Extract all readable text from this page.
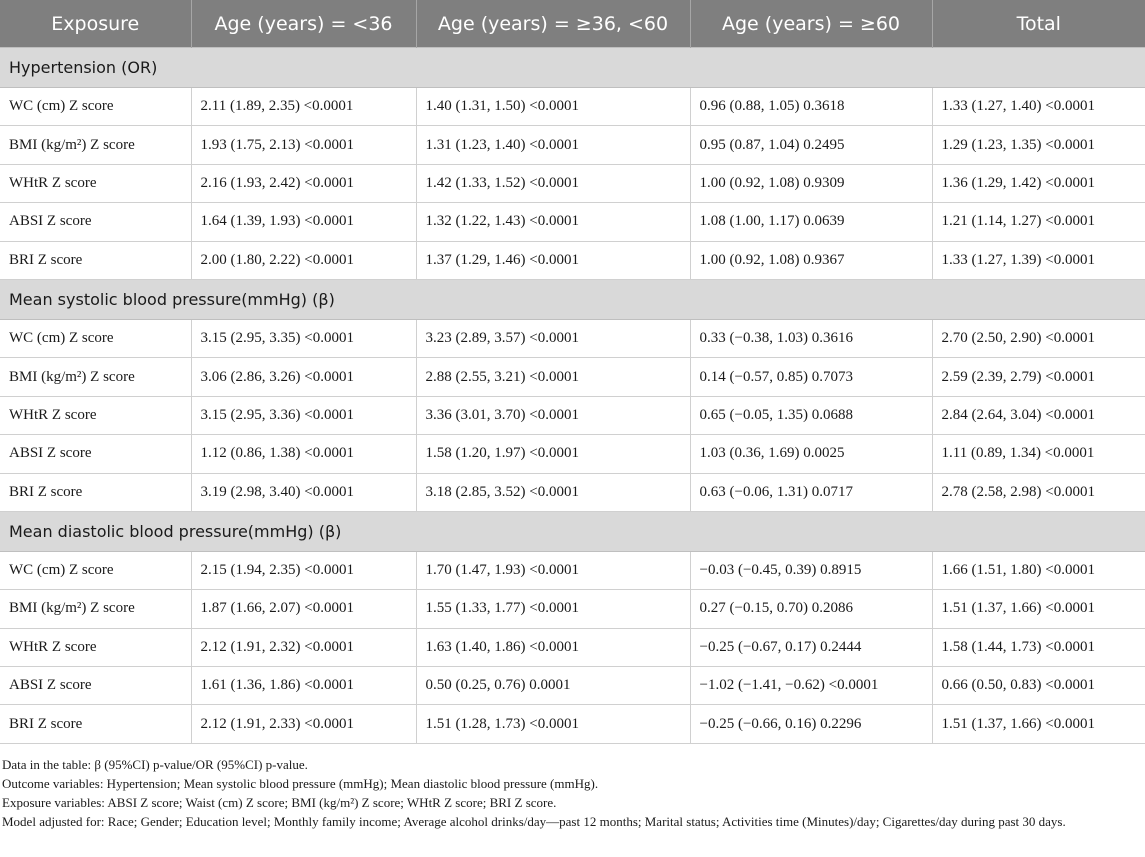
Exposure	Age (years) = <36	Age (years) = ≥36, <60	Age (years) = ≥60	Total
Hypertension (OR)				
WC (cm) Z score	2.11 (1.89, 2.35) <0.0001	1.40 (1.31, 1.50) <0.0001	0.96 (0.88, 1.05) 0.3618	1.33 (1.27, 1.40) <0.0001
BMI (kg/m²) Z score	1.93 (1.75, 2.13) <0.0001	1.31 (1.23, 1.40) <0.0001	0.95 (0.87, 1.04) 0.2495	1.29 (1.23, 1.35) <0.0001
WHtR Z score	2.16 (1.93, 2.42) <0.0001	1.42 (1.33, 1.52) <0.0001	1.00 (0.92, 1.08) 0.9309	1.36 (1.29, 1.42) <0.0001
ABSI Z score	1.64 (1.39, 1.93) <0.0001	1.32 (1.22, 1.43) <0.0001	1.08 (1.00, 1.17) 0.0639	1.21 (1.14, 1.27) <0.0001
BRI Z score	2.00 (1.80, 2.22) <0.0001	1.37 (1.29, 1.46) <0.0001	1.00 (0.92, 1.08) 0.9367	1.33 (1.27, 1.39) <0.0001
Mean systolic blood pressure(mmHg) (β)				
WC (cm) Z score	3.15 (2.95, 3.35) <0.0001	3.23 (2.89, 3.57) <0.0001	0.33 (−0.38, 1.03) 0.3616	2.70 (2.50, 2.90) <0.0001
BMI (kg/m²) Z score	3.06 (2.86, 3.26) <0.0001	2.88 (2.55, 3.21) <0.0001	0.14 (−0.57, 0.85) 0.7073	2.59 (2.39, 2.79) <0.0001
WHtR Z score	3.15 (2.95, 3.36) <0.0001	3.36 (3.01, 3.70) <0.0001	0.65 (−0.05, 1.35) 0.0688	2.84 (2.64, 3.04) <0.0001
ABSI Z score	1.12 (0.86, 1.38) <0.0001	1.58 (1.20, 1.97) <0.0001	1.03 (0.36, 1.69) 0.0025	1.11 (0.89, 1.34) <0.0001
BRI Z score	3.19 (2.98, 3.40) <0.0001	3.18 (2.85, 3.52) <0.0001	0.63 (−0.06, 1.31) 0.0717	2.78 (2.58, 2.98) <0.0001
Mean diastolic blood pressure(mmHg) (β)				
WC (cm) Z score	2.15 (1.94, 2.35) <0.0001	1.70 (1.47, 1.93) <0.0001	−0.03 (−0.45, 0.39) 0.8915	1.66 (1.51, 1.80) <0.0001
BMI (kg/m²) Z score	1.87 (1.66, 2.07) <0.0001	1.55 (1.33, 1.77) <0.0001	0.27 (−0.15, 0.70) 0.2086	1.51 (1.37, 1.66) <0.0001
WHtR Z score	2.12 (1.91, 2.32) <0.0001	1.63 (1.40, 1.86) <0.0001	−0.25 (−0.67, 0.17) 0.2444	1.58 (1.44, 1.73) <0.0001
ABSI Z score	1.61 (1.36, 1.86) <0.0001	0.50 (0.25, 0.76) 0.0001	−1.02 (−1.41, −0.62) <0.0001	0.66 (0.50, 0.83) <0.0001
BRI Z score	2.12 (1.91, 2.33) <0.0001	1.51 (1.28, 1.73) <0.0001	−0.25 (−0.66, 0.16) 0.2296	1.51 (1.37, 1.66) <0.0001

Data in the table: β (95%CI) p-value/OR (95%CI) p-value.

Outcome variables: Hypertension; Mean systolic blood pressure (mmHg); Mean diastolic blood pressure (mmHg).

Exposure variables: ABSI Z score; Waist (cm) Z score; BMI (kg/m²) Z score; WHtR Z score; BRI Z score.

Model adjusted for: Race; Gender; Education level; Monthly family income; Average alcohol drinks/day—past 12 months; Marital status; Activities time (Minutes)/day; Cigarettes/day during past 30 days.
